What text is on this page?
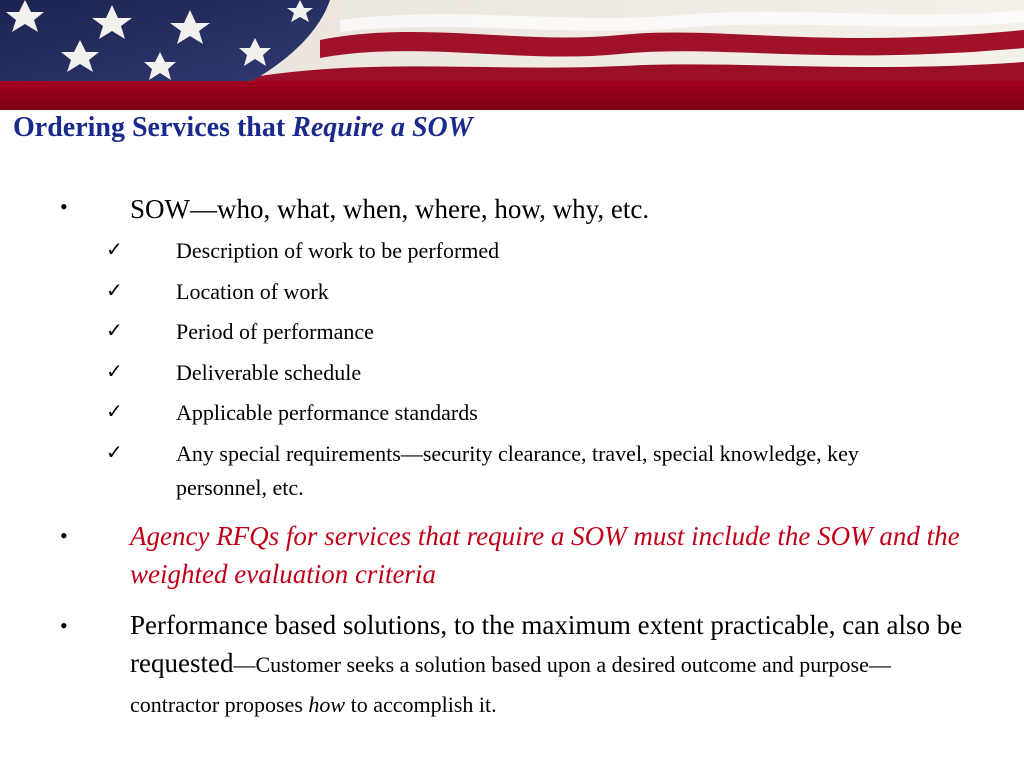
Ordering Services that Require a SOW
• SOW—who, what, when, where, how, why, etc.
✓ Description of work to be performed
✓ Location of work
✓ Period of performance
✓ Deliverable schedule
✓ Applicable performance standards
✓ Any special requirements—security clearance, travel, special knowledge, key personnel, etc.
• Agency RFQs for services that require a SOW must include the SOW and the weighted evaluation criteria
• Performance based solutions, to the maximum extent practicable, can also be requested—Customer seeks a solution based upon a desired outcome and purpose—contractor proposes how to accomplish it.
